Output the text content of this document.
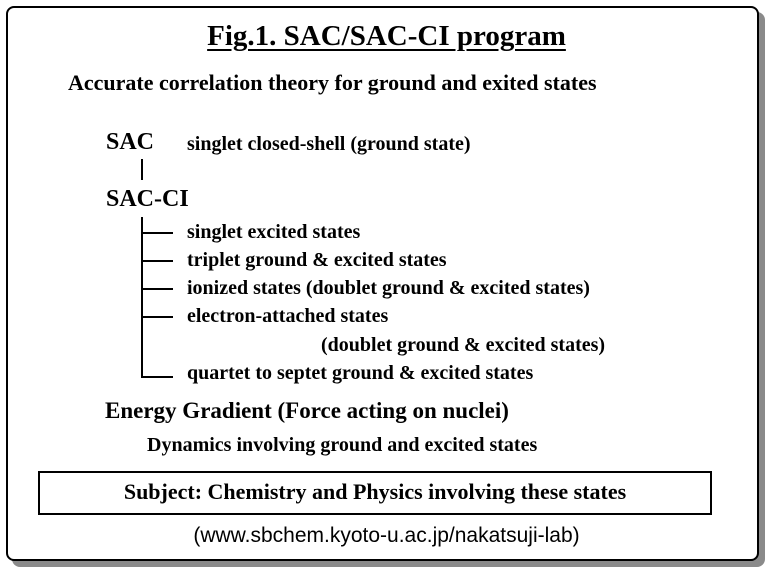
Fig.1. SAC/SAC-CI program
Accurate correlation theory for ground and exited states
SAC singlet closed-shell (ground state)
SAC-CI
singlet excited states
triplet ground & excited states
ionized states (doublet ground & excited states)
electron-attached states
(doublet ground & excited states)
quartet to septet ground & excited states
Energy Gradient (Force acting on nuclei)
Dynamics involving ground and excited states
Subject: Chemistry and Physics involving these states
(www.sbchem.kyoto-u.ac.jp/nakatsuji-lab)
